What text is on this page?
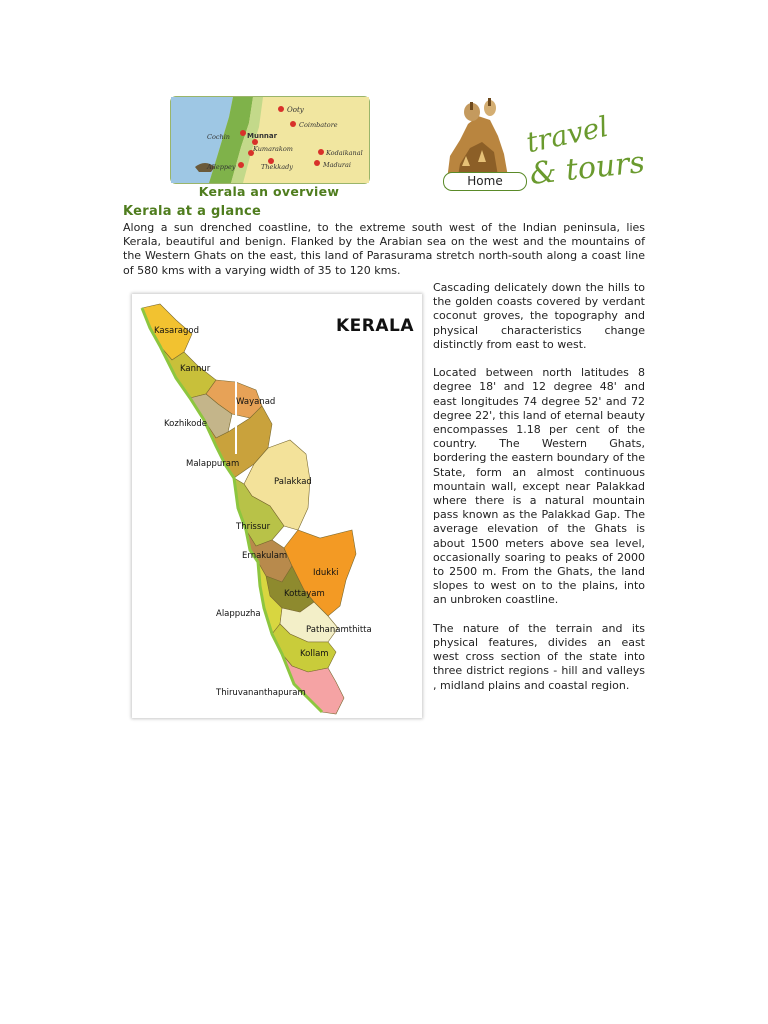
Ooty
Coimbatore
Cochin Munnar
Kumarakom	Kodaikanal
Alleppey	Thekkady	Madurai
Kerala an overview
travel
& tours
Home
Kerala at a glance
Along a sun drenched coastline, to the extreme south west of the Indian peninsula, lies Kerala, beautiful and benign. Flanked by the Arabian sea on the west and the mountains of the Western Ghats on the east, this land of Parasurama stretch north-south along a coast line of 580 kms with a varying width of 35 to 120 kms.
KERALA
Kasaragod
Kannur
Wayanad
Kozhikode
Malappuram
Palakkad
Thrissur
Ernakulam
Idukki
Kottayam
Alappuzha
Pathanamthitta
Kollam
Thiruvananthapuram

Cascading delicately down the hills to the golden coasts covered by verdant coconut groves, the topography and physical characteristics change distinctly from east to west.

Located between north latitudes 8 degree 18' and 12 degree 48' and east longitudes 74 degree 52' and 72 degree 22', this land of eternal beauty encompasses 1.18 per cent of the country. The Western Ghats, bordering the eastern boundary of the State, form an almost continuous mountain wall, except near Palakkad where there is a natural mountain pass known as the Palakkad Gap. The average elevation of the Ghats is about 1500 meters above sea level, occasionally soaring to peaks of 2000 to 2500 m. From the Ghats, the land slopes to west on to the plains, into an unbroken coastline.

The nature of the terrain and its physical features, divides an east west cross section of the state into three district regions - hill and valleys , midland plains and coastal region.
